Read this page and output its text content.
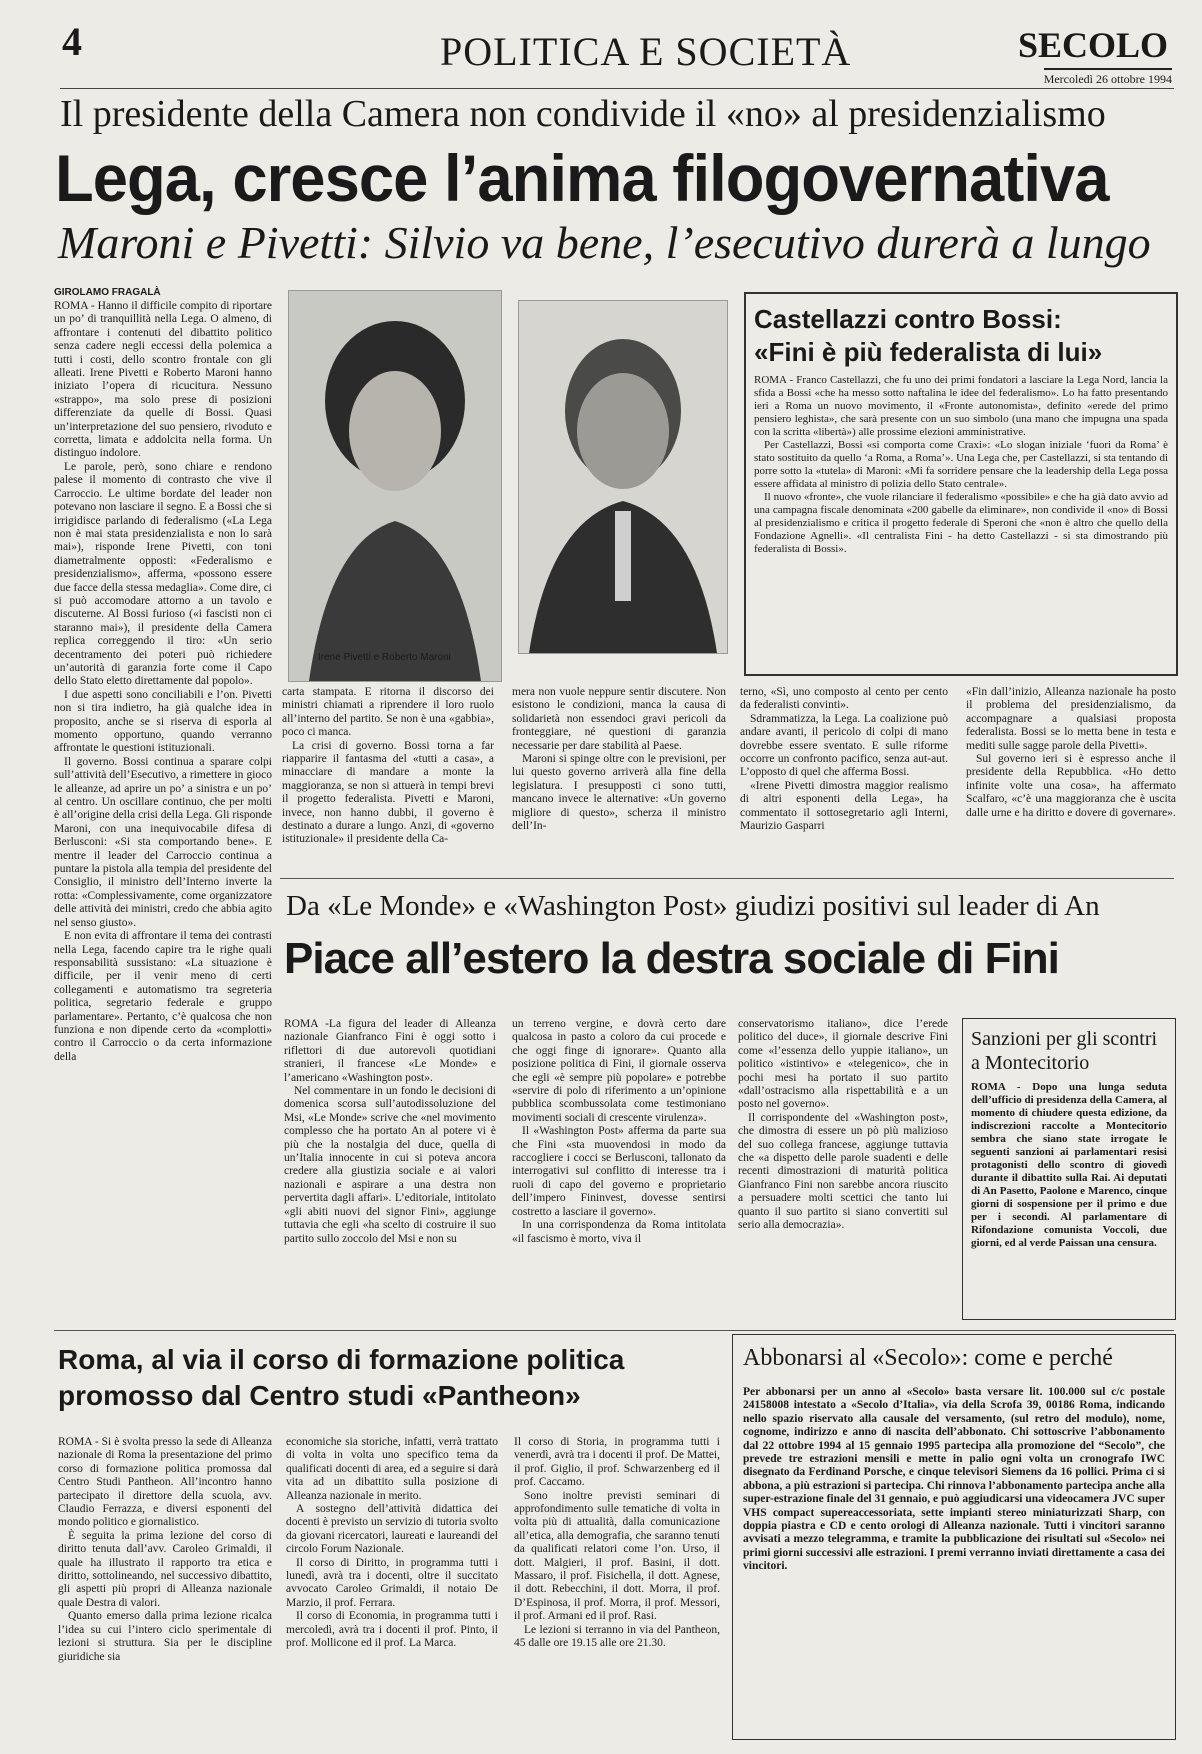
4	POLITICA E SOCIETÀ	SECOLO
Mercoledì 26 ottobre 1994
Il presidente della Camera non condivide il «no» al presidenzialismo
Lega, cresce l’anima filogovernativa
Maroni e Pivetti: Silvio va bene, l’esecutivo durerà a lungo
GIROLAMO FRAGALÀ

ROMA - Hanno il difficile compito di riportare un po’ di tranquillità nella Lega. O almeno, di affrontare i contenuti del dibattito politico senza cadere negli eccessi della polemica a tutti i costi, dello scontro frontale con gli alleati. Irene Pivetti e Roberto Maroni hanno iniziato l’opera di ricucitura. Nessuno «strappo», ma solo prese di posizioni differenziate da quelle di Bossi. Quasi un’interpretazione del suo pensiero, rivoduto e corretta, limata e addolcita nella forma. Un distinguo indolore.

Le parole, però, sono chiare e rendono palese il momento di contrasto che vive il Carroccio. Le ultime bordate del leader non potevano non lasciare il segno. E a Bossi che si irrigidisce parlando di federalismo («La Lega non è mai stata presidenzialista e non lo sarà mai»), risponde Irene Pivetti, con toni diametralmente opposti: «Federalismo e presidenzialismo», afferma, «possono essere due facce della stessa medaglia». Come dire, ci si può accomodare attorno a un tavolo e discuterne. Al Bossi furioso («i fascisti non ci staranno mai»), il presidente della Camera replica correggendo il tiro: «Un serio decentramento dei poteri può richiedere un’autorità di garanzia forte come il Capo dello Stato eletto direttamente dal popolo».

I due aspetti sono conciliabili e l’on. Pivetti non si tira indietro, ha già qualche idea in proposito, anche se si riserva di esporla al momento opportuno, quando verranno affrontate le questioni istituzionali.

Il governo. Bossi continua a sparare colpi sull’attività dell’Esecutivo, a rimettere in gioco le alleanze, ad aprire un po’ a sinistra e un po’ al centro. Un oscillare continuo, che per molti è all’origine della crisi della Lega. Gli risponde Maroni, con una inequivocabile difesa di Berlusconi: «Si sta comportando bene». E mentre il leader del Carroccio continua a puntare la pistola alla tempia del presidente del Consiglio, il ministro dell’Interno inverte la rotta: «Complessivamente, come organizzatore delle attività dei ministri, credo che abbia agito nel senso giusto».

E non evita di affrontare il tema dei contrasti nella Lega, facendo capire tra le righe quali responsabilità sussistano: «La situazione è difficile, per il venir meno di certi collegamenti e automatismo tra segreteria politica, segretario federale e gruppo parlamentare». Pertanto, c’è qualcosa che non funziona e non dipende certo da «complotti» contro il Carroccio o da certa informazione della

Irene Pivetti e Roberto Maroni
Castellazzi contro Bossi:
«Fini è più federalista di lui»

ROMA - Franco Castellazzi, che fu uno dei primi fondatori a lasciare la Lega Nord, lancia la sfida a Bossi «che ha messo sotto naftalina le idee del federalismo». Lo ha fatto presentando ieri a Roma un nuovo movimento, il «Fronte autonomista», definito «erede del primo pensiero leghista», che sarà presente con un suo simbolo (una mano che impugna una spada con la scritta «libertà») alle prossime elezioni amministrative.

Per Castellazzi, Bossi «si comporta come Craxi»: «Lo slogan iniziale ‘fuori da Roma’ è stato sostituito da quello ‘a Roma, a Roma’». Una Lega che, per Castellazzi, si sta tentando di porre sotto la «tutela» di Maroni: «Mi fa sorridere pensare che la leadership della Lega possa essere affidata al ministro di polizia dello Stato centrale».

Il nuovo «fronte», che vuole rilanciare il federalismo «possibile» e che ha già dato avvio ad una campagna fiscale denominata «200 gabelle da eliminare», non condivide il «no» di Bossi al presidenzialismo e critica il progetto federale di Speroni che «non è altro che quello della Fondazione Agnelli». «Il centralista Fini - ha detto Castellazzi - si sta dimostrando più federalista di Bossi».

carta stampata. E ritorna il discorso dei ministri chiamati a riprendere il loro ruolo all’interno del partito. Se non è una «gabbia», poco ci manca.

La crisi di governo. Bossi torna a far riapparire il fantasma del «tutti a casa», a minacciare di mandare a monte la maggioranza, se non si attuerà in tempi brevi il progetto federalista. Pivetti e Maroni, invece, non hanno dubbi, il governo è destinato a durare a lungo. Anzi, di «governo istituzionale» il presidente della Ca-

mera non vuole neppure sentir discutere. Non esistono le condizioni, manca la causa di solidarietà non essendoci gravi pericoli da fronteggiare, né questioni di garanzia necessarie per dare stabilità al Paese.

Maroni si spinge oltre con le previsioni, per lui questo governo arriverà alla fine della legislatura. I presupposti ci sono tutti, mancano invece le alternative: «Un governo migliore di questo», scherza il ministro dell’In-

terno, «Sì, uno composto al cento per cento da federalisti convinti».

Sdrammatizza, la Lega. La coalizione può andare avanti, il pericolo di colpi di mano dovrebbe essere sventato. E sulle riforme occorre un confronto pacifico, senza aut-aut. L’opposto di quel che afferma Bossi.

«Irene Pivetti dimostra maggior realismo di altri esponenti della Lega», ha commentato il sottosegretario agli Interni, Maurizio Gasparri

«Fin dall’inizio, Alleanza nazionale ha posto il problema del presidenzialismo, da accompagnare a qualsiasi proposta federalista. Bossi se lo metta bene in testa e mediti sulle sagge parole della Pivetti».

Sul governo ieri si è espresso anche il presidente della Repubblica. «Ho detto infinite volte una cosa», ha affermato Scalfaro, «c’è una maggioranza che è uscita dalle urne e ha diritto e dovere di governare».

Da «Le Monde» e «Washington Post» giudizi positivi sul leader di An
Piace all’estero la destra sociale di Fini

ROMA -La figura del leader di Alleanza nazionale Gianfranco Fini è oggi sotto i riflettori di due autorevoli quotidiani stranieri, il francese «Le Monde» e l’americano «Washington post».

Nel commentare in un fondo le decisioni di domenica scorsa sull’autodissoluzione del Msi, «Le Monde» scrive che «nel movimento complesso che ha portato An al potere vi è più che la nostalgia del duce, quella di un’Italia innocente in cui si poteva ancora credere alla giustizia sociale e ai valori nazionali e aspirare a una destra non pervertita dagli affari». L’editoriale, intitolato «gli abiti nuovi del signor Fini», aggiunge tuttavia che egli «ha scelto di costruire il suo partito sullo zoccolo del Msi e non su

un terreno vergine, e dovrà certo dare qualcosa in pasto a coloro da cui procede e che oggi finge di ignorare». Quanto alla posizione politica di Fini, il giornale osserva che egli «è sempre più popolare» e potrebbe «servire di polo di riferimento a un’opinione pubblica scombussolata come testimoniano movimenti sociali di crescente virulenza».

Il «Washington Post» afferma da parte sua che Fini «sta muovendosi in modo da raccogliere i cocci se Berlusconi, tallonato da interrogativi sul conflitto di interesse tra i ruoli di capo del governo e proprietario dell’impero Fininvest, dovesse sentirsi costretto a lasciare il governo».

In una corrispondenza da Roma intitolata «il fascismo è morto, viva il

conservatorismo italiano», dice l’erede politico del duce», il giornale descrive Fini come «l’essenza dello yuppie italiano», un politico «istintivo» e «telegenico», che in pochi mesi ha portato il suo partito «dall’ostracismo alla rispettabilità e a un posto nel governo».

Il corrispondente del «Washington post», che dimostra di essere un pò più malizioso del suo collega francese, aggiunge tuttavia che «a dispetto delle parole suadenti e delle recenti dimostrazioni di maturità politica Gianfranco Fini non sarebbe ancora riuscito a persuadere molti scettici che tanto lui quanto il suo partito si siano convertiti sul serio alla democrazia».

Sanzioni per gli scontri a Montecitorio
ROMA - Dopo una lunga seduta dell’ufficio di presidenza della Camera, al momento di chiudere questa edizione, da indiscrezioni raccolte a Montecitorio sembra che siano state irrogate le seguenti sanzioni ai parlamentari resisi protagonisti dello scontro di giovedì durante il dibattito sulla Rai. Ai deputati di An Pasetto, Paolone e Marenco, cinque giorni di sospensione per il primo e due per i secondi. Al parlamentare di Rifondazione comunista Voccoli, due giorni, ed al verde Paissan una censura.
Roma, al via il corso di formazione politica
promosso dal Centro studi «Pantheon»

ROMA - Si è svolta presso la sede di Alleanza nazionale di Roma la presentazione del primo corso di formazione politica promossa dal Centro Studi Pantheon. All’incontro hanno partecipato il direttore della scuola, avv. Claudio Ferrazza, e diversi esponenti del mondo politico e giornalistico.

È seguita la prima lezione del corso di diritto tenuta dall’avv. Caroleo Grimaldi, il quale ha illustrato il rapporto tra etica e diritto, sottolineando, nel successivo dibattito, gli aspetti più propri di Alleanza nazionale quale Destra di valori.

Quanto emerso dalla prima lezione ricalca l’idea su cui l’intero ciclo sperimentale di lezioni si struttura. Sia per le discipline giuridiche sia

economiche sia storiche, infatti, verrà trattato di volta in volta uno specifico tema da qualificati docenti di area, ed a seguire si darà vita ad un dibattito sulla posizione di Alleanza nazionale in merito.

A sostegno dell’attività didattica dei docenti è previsto un servizio di tutoria svolto da giovani ricercatori, laureati e laureandi del circolo Forum Nazionale.

Il corso di Diritto, in programma tutti i lunedì, avrà tra i docenti, oltre il succitato avvocato Caroleo Grimaldi, il notaio De Marzio, il prof. Ferrara.

Il corso di Economia, in programma tutti i mercoledì, avrà tra i docenti il prof. Pinto, il prof. Mollicone ed il prof. La Marca.

Il corso di Storia, in programma tutti i venerdì, avrà tra i docenti il prof. De Mattei, il prof. Giglio, il prof. Schwarzenberg ed il prof. Caccamo.

Sono inoltre previsti seminari di approfondimento sulle tematiche di volta in volta più di attualità, dalla comunicazione all’etica, alla demografia, che saranno tenuti da qualificati relatori come l’on. Urso, il dott. Malgieri, il prof. Basini, il dott. Massaro, il prof. Fisichella, il dott. Agnese, il dott. Rebecchini, il dott. Morra, il prof. D’Espinosa, il prof. Morra, il prof. Messori, il prof. Armani ed il prof. Rasi.

Le lezioni si terranno in via del Pantheon, 45 dalle ore 19.15 alle ore 21.30.

Abbonarsi al «Secolo»: come e perché
Per abbonarsi per un anno al «Secolo» basta versare lit. 100.000 sul c/c postale 24158008 intestato a «Secolo d’Italia», via della Scrofa 39, 00186 Roma, indicando nello spazio riservato alla causale del versamento, (sul retro del modulo), nome, cognome, indirizzo e anno di nascita dell’abbonato. Chi sottoscrive l’abbonamento dal 22 ottobre 1994 al 15 gennaio 1995 partecipa alla promozione del “Secolo”, che prevede tre estrazioni mensili e mette in palio ogni volta un cronografo IWC disegnato da Ferdinand Porsche, e cinque televisori Siemens da 16 pollici. Prima ci si abbona, a più estrazioni si partecipa. Chi rinnova l’abbonamento partecipa anche alla super-estrazione finale del 31 gennaio, e può aggiudicarsi una videocamera JVC super VHS compact supereaccessoriata, sette impianti stereo miniaturizzati Sharp, con doppia piastra e CD e cento orologi di Alleanza nazionale. Tutti i vincitori saranno avvisati a mezzo telegramma, e tramite la pubblicazione dei risultati sul «Secolo» nei primi giorni successivi alle estrazioni. I premi verranno inviati direttamente a casa dei vincitori.
